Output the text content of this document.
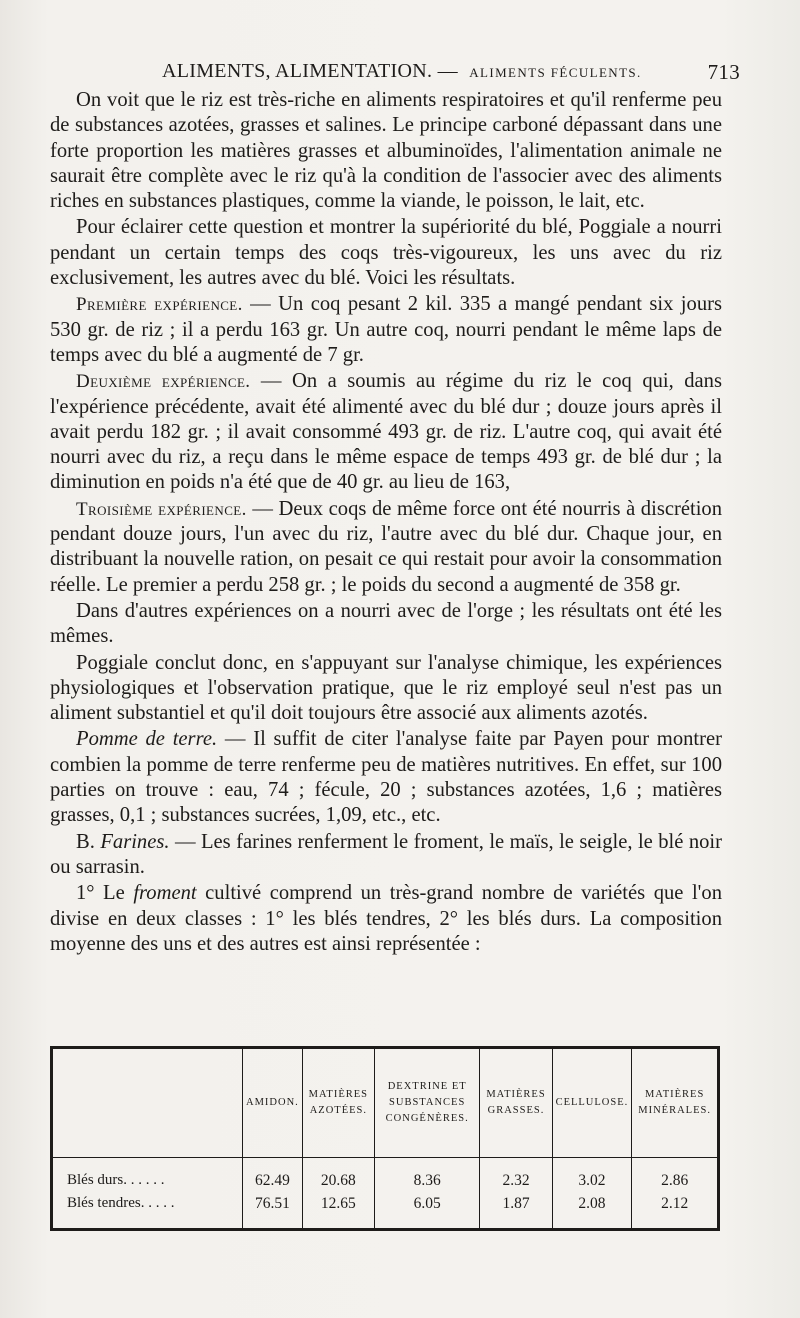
ALIMENTS, ALIMENTATION. — ALIMENTS FÉCULENTS.	713

On voit que le riz est très-riche en aliments respiratoires et qu'il renferme peu de substances azotées, grasses et salines. Le principe carboné dépassant dans une forte proportion les matières grasses et albuminoïdes, l'alimentation animale ne saurait être complète avec le riz qu'à la condition de l'associer avec des aliments riches en substances plastiques, comme la viande, le poisson, le lait, etc.

Pour éclairer cette question et montrer la supériorité du blé, Poggiale a nourri pendant un certain temps des coqs très-vigoureux, les uns avec du riz exclusivement, les autres avec du blé. Voici les résultats.

Première expérience. — Un coq pesant 2 kil. 335 a mangé pendant six jours 530 gr. de riz ; il a perdu 163 gr. Un autre coq, nourri pendant le même laps de temps avec du blé a augmenté de 7 gr.

Deuxième expérience. — On a soumis au régime du riz le coq qui, dans l'expérience précédente, avait été alimenté avec du blé dur ; douze jours après il avait perdu 182 gr. ; il avait consommé 493 gr. de riz. L'autre coq, qui avait été nourri avec du riz, a reçu dans le même espace de temps 493 gr. de blé dur ; la diminution en poids n'a été que de 40 gr. au lieu de 163,

Troisième expérience. — Deux coqs de même force ont été nourris à discrétion pendant douze jours, l'un avec du riz, l'autre avec du blé dur. Chaque jour, en distribuant la nouvelle ration, on pesait ce qui restait pour avoir la consommation réelle. Le premier a perdu 258 gr. ; le poids du second a augmenté de 358 gr.

Dans d'autres expériences on a nourri avec de l'orge ; les résultats ont été les mêmes.

Poggiale conclut donc, en s'appuyant sur l'analyse chimique, les expériences physiologiques et l'observation pratique, que le riz employé seul n'est pas un aliment substantiel et qu'il doit toujours être associé aux aliments azotés.

Pomme de terre. — Il suffit de citer l'analyse faite par Payen pour montrer combien la pomme de terre renferme peu de matières nutritives. En effet, sur 100 parties on trouve : eau, 74 ; fécule, 20 ; substances azotées, 1,6 ; matières grasses, 0,1 ; substances sucrées, 1,09, etc., etc.

B. Farines. — Les farines renferment le froment, le maïs, le seigle, le blé noir ou sarrasin.

1° Le froment cultivé comprend un très-grand nombre de variétés que l'on divise en deux classes : 1° les blés tendres, 2° les blés durs. La composition moyenne des uns et des autres est ainsi représentée :

	AMIDON.	MATIÈRES AZOTÉES.	DEXTRINE ET SUBSTANCES CONGÉNÈRES.	MATIÈRES GRASSES.	CELLULOSE.	MATIÈRES MINÉRALES.
Blés durs. . . . . .	62.49	20.68	8.36	2.32	3.02	2.86
Blés tendres. . . . .	76.51	12.65	6.05	1.87	2.08	2.12
